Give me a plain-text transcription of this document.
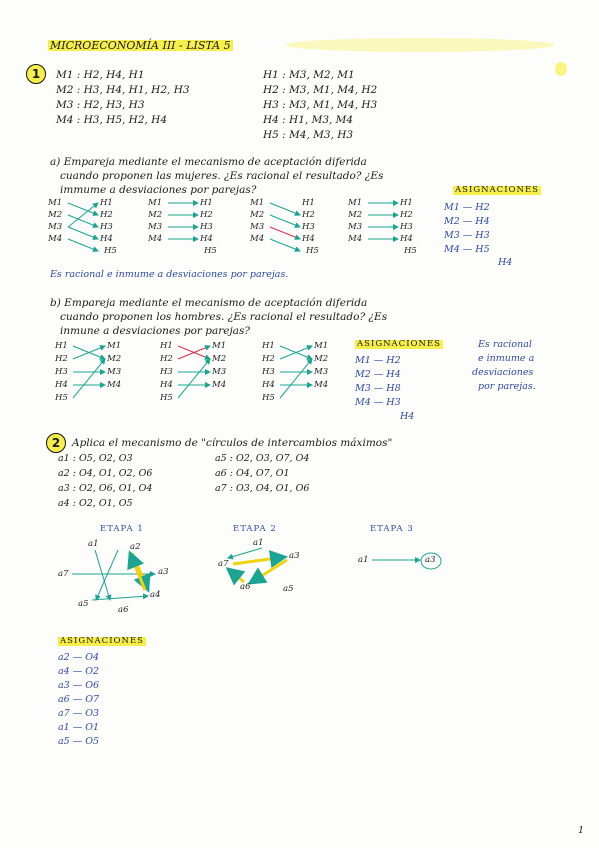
MICROECONOMÍA III - LISTA 5
1	M1 : H2, H4, H1
M2 : H3, H4, H1, H2, H3
M3 : H2, H3, H3
M4 : H3, H5, H2, H4
H1 : M3, M2, M1
H2 : M3, M1, M4, H2
H3 : M3, M1, M4, H3
H4 : H1, M3, M4
H5 : M4, M3, H3
a) Empareja mediante el mecanismo de aceptación diferida
cuando proponen las mujeres. ¿Es racional el resultado? ¿Es
immume a desviaciones por parejas?	ASIGNACIONES
M1 — H2
M2 — H4
M3 — H3
M4 — H5
H4
M1
M2
M3
M4
H1
H2
H3
H4
H5
M1
M2
M3
M4
H1
H2
H3
H4
H5
M1
M2
M3
M4
H1
H2
H3
H4
H5
M1
M2
M3
M4
H1
H2
H3
H4
H5
Es racional e inmume a desviaciones por parejas.
b) Empareja mediante el mecanismo de aceptación diferida
cuando proponen los hombres. ¿Es racional el resultado? ¿Es
inmune a desviaciones por parejas?
ASIGNACIONES
M1 — H2
M2 — H4
M3 — H8
M4 — H3
H4
Es racional
e inmume a
desviaciones
por parejas.
H1
H2
H3
H4
H5
M1
M2
M3
M4
H1
H2
H3
H4
H5
M1
M2
M3
M4
H1
H2
H3
H4
H5
M1
M2
M3
M4
2	Aplica el mecanismo de "círculos de intercambios máximos"
a1 : O5, O2, O3
a2 : O4, O1, O2, O6
a3 : O2, O6, O1, O4
a4 : O2, O1, O5
a5 : O2, O3, O7, O4
a6 : O4, O7, O1
a7 : O3, O4, O1, O6
ETAPA 1	ETAPA 2	ETAPA 3
a1	a2
a3
a4
a5
a6
a7
a1
a3
a7
a6	a5
a1	a3
ASIGNACIONES
a2 — O4
a4 — O2
a3 — O6
a6 — O7
a7 — O3
a1 — O1
a5 — O5
1
